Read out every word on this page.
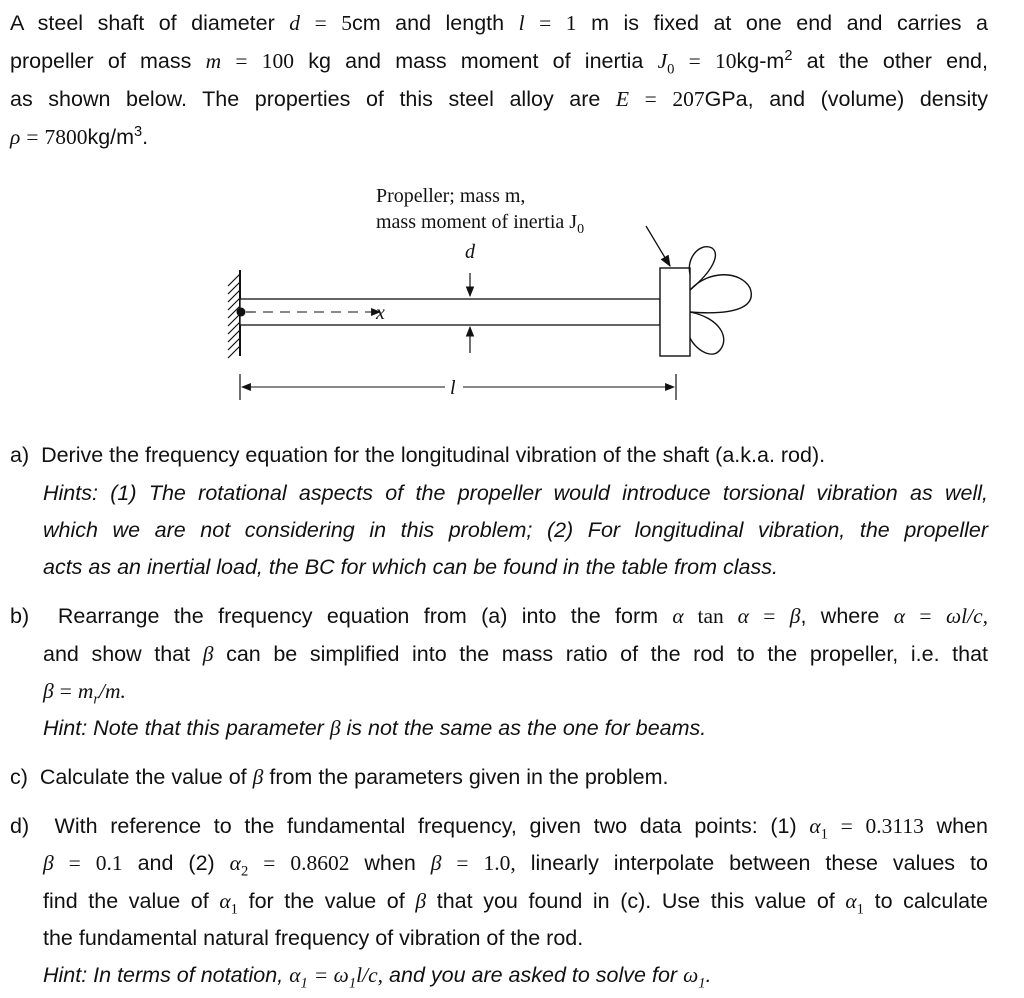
A steel shaft of diameter d = 5cm and length l = 1 m is fixed at one end and carries a
propeller of mass m = 100 kg and mass moment of inertia $J_0 = 10kg-m^2$ at the other end,
as shown below. The properties of this steel alloy are E = 207GPa, and (volume) density
$\rho = 7800kg/m^3$.
Propeller; mass m,
mass moment of inertia $J_0$
d
x
l
a) Derive the frequency equation for the longitudinal vibration of the shaft (a.k.a. rod).
Hints: (1) The rotational aspects of the propeller would introduce torsional vibration as well,
which we are not considering in this problem; (2) For longitudinal vibration, the propeller
acts as an inertial load, the BC for which can be found in the table from class.
b) Rearrange the frequency equation from (a) into the form α tan α = β, where α = ωl/c,
and show that β can be simplified into the mass ratio of the rod to the propeller, i.e. that
$\beta = m_r/m$.
Hint: Note that this parameter β is not the same as the one for beams.
c) Calculate the value of β from the parameters given in the problem.
d) With reference to the fundamental frequency, given two data points: (1) $\alpha_1 = 0.3113$ when
β = 0.1 and (2) $\alpha_2 = 0.8602$ when β = 1.0, linearly interpolate between these values to
find the value of $\alpha_1$ for the value of β that you found in (c). Use this value of $\alpha_1$ to calculate
the fundamental natural frequency of vibration of the rod.
Hint: In terms of notation, $\alpha_1 = \omega_1l/c$, and you are asked to solve for $\omega_1$.
